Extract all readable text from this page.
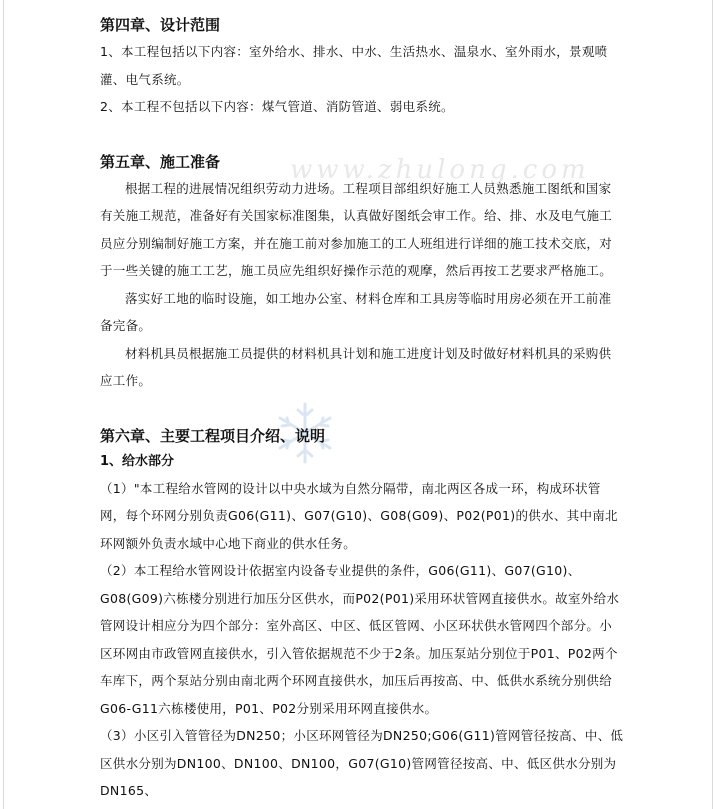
www.zhulong.com
第四章、设计范围

1、本工程包括以下内容：室外给水、排水、中水、生活热水、温泉水、室外雨水，景观喷灌、电气系统。

2、本工程不包括以下内容：煤气管道、消防管道、弱电系统。

第五章、施工准备

根据工程的进展情况组织劳动力进场。工程项目部组织好施工人员熟悉施工图纸和国家有关施工规范，准备好有关国家标准图集，认真做好图纸会审工作。给、排、水及电气施工员应分别编制好施工方案，并在施工前对参加施工的工人班组进行详细的施工技术交底，对于一些关键的施工工艺，施工员应先组织好操作示范的观摩，然后再按工艺要求严格施工。

落实好工地的临时设施，如工地办公室、材料仓库和工具房等临时用房必须在开工前准备完备。

材料机具员根据施工员提供的材料机具计划和施工进度计划及时做好材料机具的采购供应工作。

第六章、主要工程项目介绍、说明
1、给水部分

（1）"本工程给水管网的设计以中央水域为自然分隔带，南北两区各成一环，构成环状管网，每个环网分别负责G06(G11)、G07(G10)、G08(G09)、P02(P01)的供水、其中南北环网额外负责水域中心地下商业的供水任务。

（2）本工程给水管网设计依据室内设备专业提供的条件，G06(G11)、G07(G10)、G08(G09)六栋楼分别进行加压分区供水，而P02(P01)采用环状管网直接供水。故室外给水管网设计相应分为四个部分：室外高区、中区、低区管网、小区环状供水管网四个部分。小区环网由市政管网直接供水，引入管依据规范不少于2条。加压泵站分别位于P01、P02两个车库下，两个泵站分别由南北两个环网直接供水，加压后再按高、中、低供水系统分别供给G06-G11六栋楼使用，P01、P02分别采用环网直接供水。

（3）小区引入管管径为DN250；小区环网管径为DN250;G06(G11)管网管径按高、中、低区供水分别为DN100、DN100、DN100，G07(G10)管网管径按高、中、低区供水分别为DN165、
